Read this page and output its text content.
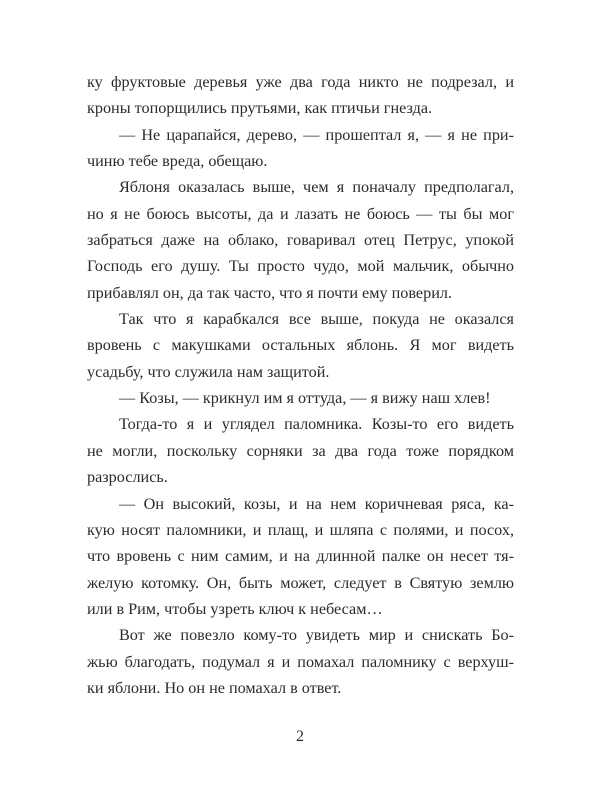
ку фруктовые деревья уже два года никто не подрезал, и
кроны топорщились прутьями, как птичьи гнезда.
— Не царапайся, дерево, — прошептал я, — я не при-
чиню тебе вреда, обещаю.
Яблоня оказалась выше, чем я поначалу предполагал,
но я не боюсь высоты, да и лазать не боюсь — ты бы мог
забраться даже на облако, говаривал отец Петрус, упокой
Господь его душу. Ты просто чудо, мой мальчик, обычно
прибавлял он, да так часто, что я почти ему поверил.
Так что я карабкался все выше, покуда не оказался
вровень с макушками остальных яблонь. Я мог видеть
усадьбу, что служила нам защитой.
— Козы, — крикнул им я оттуда, — я вижу наш хлев!
Тогда-то я и углядел паломника. Козы-то его видеть
не могли, поскольку сорняки за два года тоже порядком
разрослись.
— Он высокий, козы, и на нем коричневая ряса, ка-
кую носят паломники, и плащ, и шляпа с полями, и посох,
что вровень с ним самим, и на длинной палке он несет тя-
желую котомку. Он, быть может, следует в Святую землю
или в Рим, чтобы узреть ключ к небесам…
Вот же повезло кому-то увидеть мир и снискать Бо-
жью благодать, подумал я и помахал паломнику с верхуш-
ки яблони. Но он не помахал в ответ.
2
